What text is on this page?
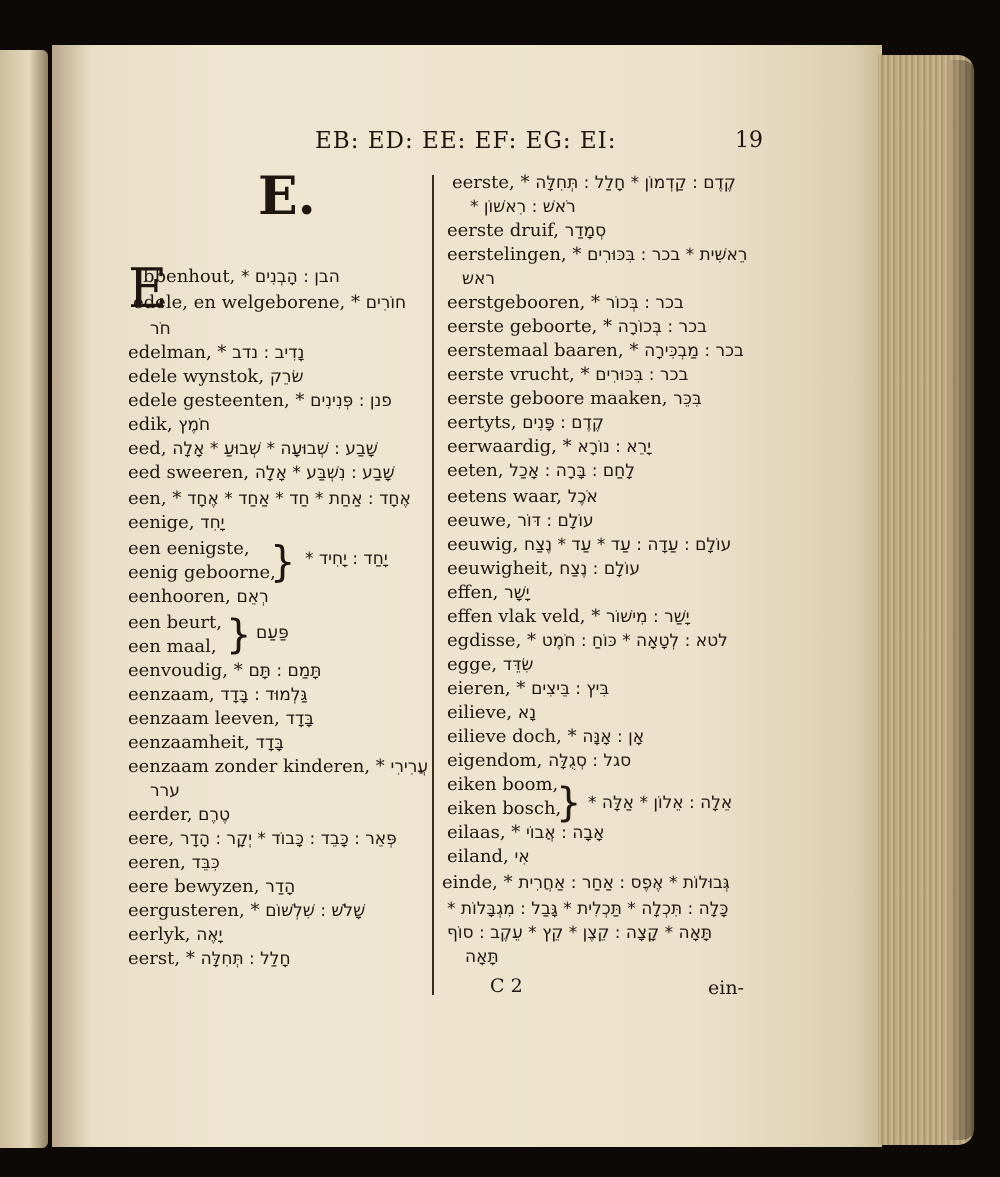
EB: ED: EE: EF: EG: EI:	19
E.
E
bbenhout, הבן : הָבְנִים *
edele, en welgeborene, * חוֹרִים
חֹר
edelman, * נָדִיב : נדב
edele wynstok, שׂרֵק
edele gesteenten, * פנן : פְּנִינִים
edik, חֹמֶץ
eed, שָׁבַע : שְׁבוּעָה * שְׁבוּעַ * אָלָה
eed sweeren, שָׁבַע : נִשְׁבַּע * אָלָה
een, * אֶחָד : אַחַת * חַד * אַחַד * אֶחָד
eenige, יָחִד
een eenigste,
eenig geboorne,
eenhooren, רְאֵם
een beurt,
een maal,
eenvoudig, * תָּמַם : תָּם
eenzaam, גַּלְמוּד : בָּדָד
eenzaam leeven, בָּדָד
eenzaamheit, בָּדָד
eenzaam zonder kinderen, * עֲרִירִי
ערר
eerder, טֶרֶם
eere, פְּאֵר : כָּבֵד : כָּבוֹד * יְקָר : הָדָר
eeren, כִּבֵּד
eere bewyzen, הָדַר
eergusteren, * שָׁלֹשׁ : שִׁלְשׁוֹם
eerlyk, יָאֶה
eerst, * חָלַל : תְּחִלָּה
eerste, * קֶדֶם : קַדְמוֹן * חָלַל : תְּחִלָּה
רֹאשׁ : רִאשׁוֹן *
eerste druif, סְמָדַר
eerstelingen, * רֵאשִׁית * בכר : בִּכּוּרִים
ראש
eerstgebooren, * בכר : בְּכוֹר
eerste geboorte, * בכר : בְּכוֹרָה
eerstemaal baaren, * בכר : מַבְכִּירָה
eerste vrucht, * בכר : בִּכּוּרִים
eerste geboore maaken, בִּכֵּר
eertyts, קֶדֶם : פָּנִים
eerwaardig, * יָרֵא : נוֹרָא
eeten, לָחַם : בָּרָה : אָכַל
eetens waar, אֹכֶל
eeuwe, עוֹלָם : דּוֹר
eeuwig, עוֹלָם : עַדָה : עַד * עַד * נֶצַח
eeuwigheit, עוֹלָם : נֶצַח
effen, יָשָׁר
effen vlak veld, * יָשַׁר : מִישׁוֹר
egdisse, * לטא : לְטָאָה * כּוֹחַ : חֹמֶט
egge, שִׂדֵּד
eieren, * בִּיץ : בֵּיצִים
eilieve, נָא
eilieve doch, * אָן : אָנָּה
eigendom, סגל : סְגֻלָּה
eiken boom,
eiken bosch,
eilaas, * אָבָה : אֲבוֹי
eiland, אִי
einde, * גְּבוּלוֹת * אֶפֶס : אַחַר : אַחֲרִית
כָּלָה : תִּכְלָה * תַּכְלִית * גָּבַל : מִגְבָּלוֹת *
תָּאָה * קָצָה : קֵצֶן * קֵץ * עֵקֶב : סוֹף
תָּאָה
} יָחַד : יָחִיד *
} פַּעַם
} אֵלָה : אֵלוֹן * אַלָּה *
C 2	ein-
